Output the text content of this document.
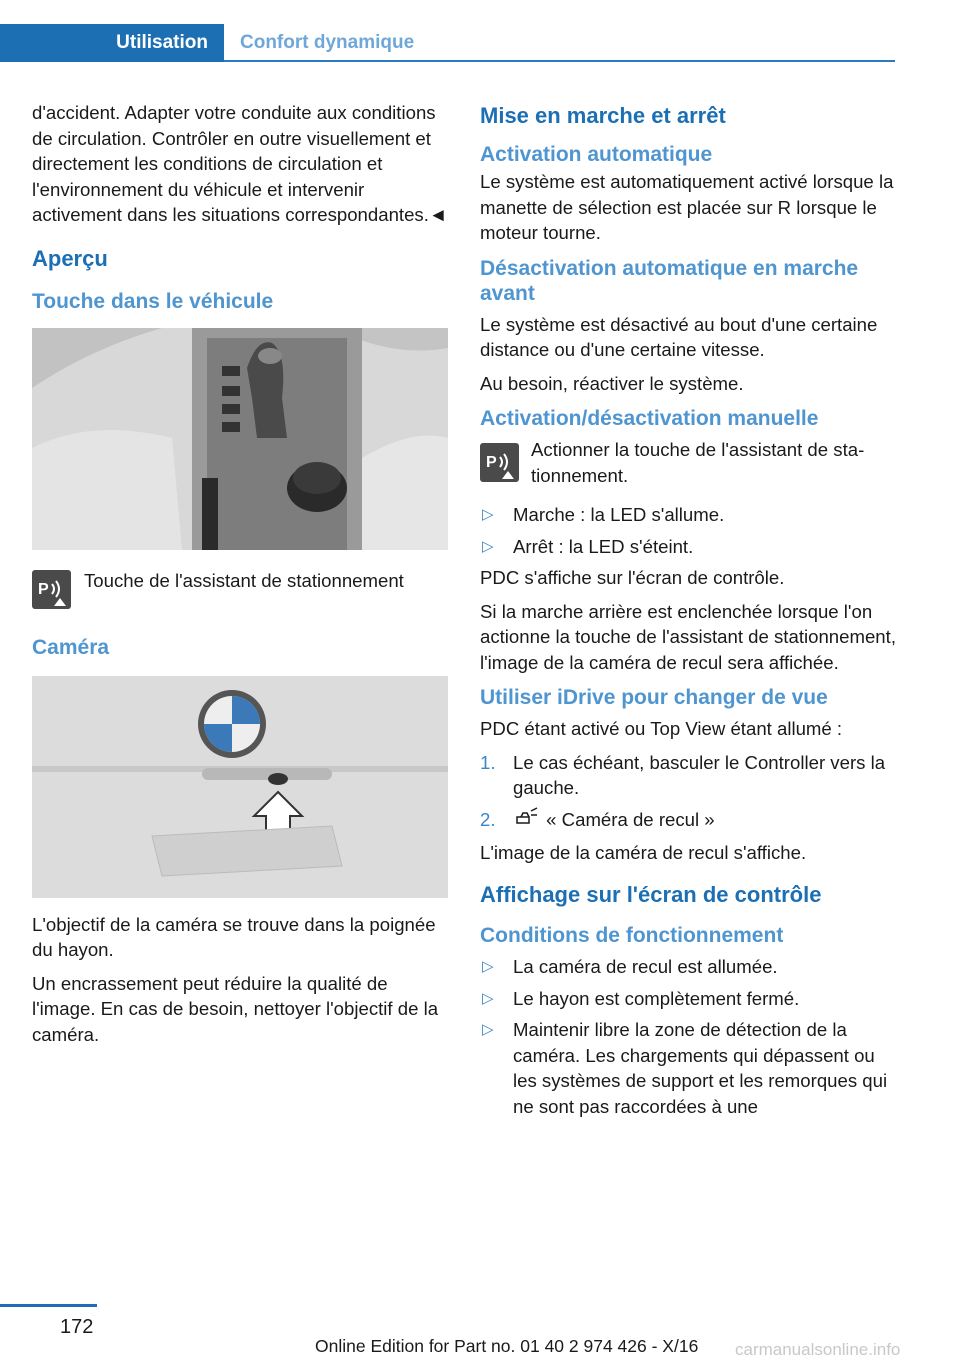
Utilisation	Confort dynamique

d'accident. Adapter votre conduite aux conditions de circulation. Contrôler en outre visuellement et directement les conditions de circulation et l'environnement du véhicule et intervenir activement dans les situations correspondantes.◄

Aperçu
Touche dans le véhicule
P Touche de l'assistant de stationnement
Caméra

L'objectif de la caméra se trouve dans la poignée du hayon.

Un encrassement peut réduire la qualité de l'image. En cas de besoin, nettoyer l'objectif de la caméra.

Mise en marche et arrêt
Activation automatique

Le système est automatiquement activé lorsque la manette de sélection est placée sur R lorsque le moteur tourne.

Désactivation automatique en marche avant

Le système est désactivé au bout d'une certaine distance ou d'une certaine vitesse.

Au besoin, réactiver le système.

Activation/désactivation manuelle
P
Actionner la touche de l'assistant de stationnement.
▷ Marche : la LED s'allume.
▷ Arrêt : la LED s'éteint.

PDC s'affiche sur l'écran de contrôle.

Si la marche arrière est enclenchée lorsque l'on actionne la touche de l'assistant de stationnement, l'image de la caméra de recul sera affichée.

Utiliser iDrive pour changer de vue

PDC étant activé ou Top View étant allumé :

1. Le cas échéant, basculer le Controller vers la gauche.
2. « Caméra de recul »

L'image de la caméra de recul s'affiche.

Affichage sur l'écran de contrôle
Conditions de fonctionnement
▷ La caméra de recul est allumée.
▷ Le hayon est complètement fermé.
▷ Maintenir libre la zone de détection de la caméra. Les chargements qui dépassent ou les systèmes de support et les remorques qui ne sont pas raccordées à une
172
Online Edition for Part no. 01 40 2 974 426 - X/16 carmanualsonline.info
